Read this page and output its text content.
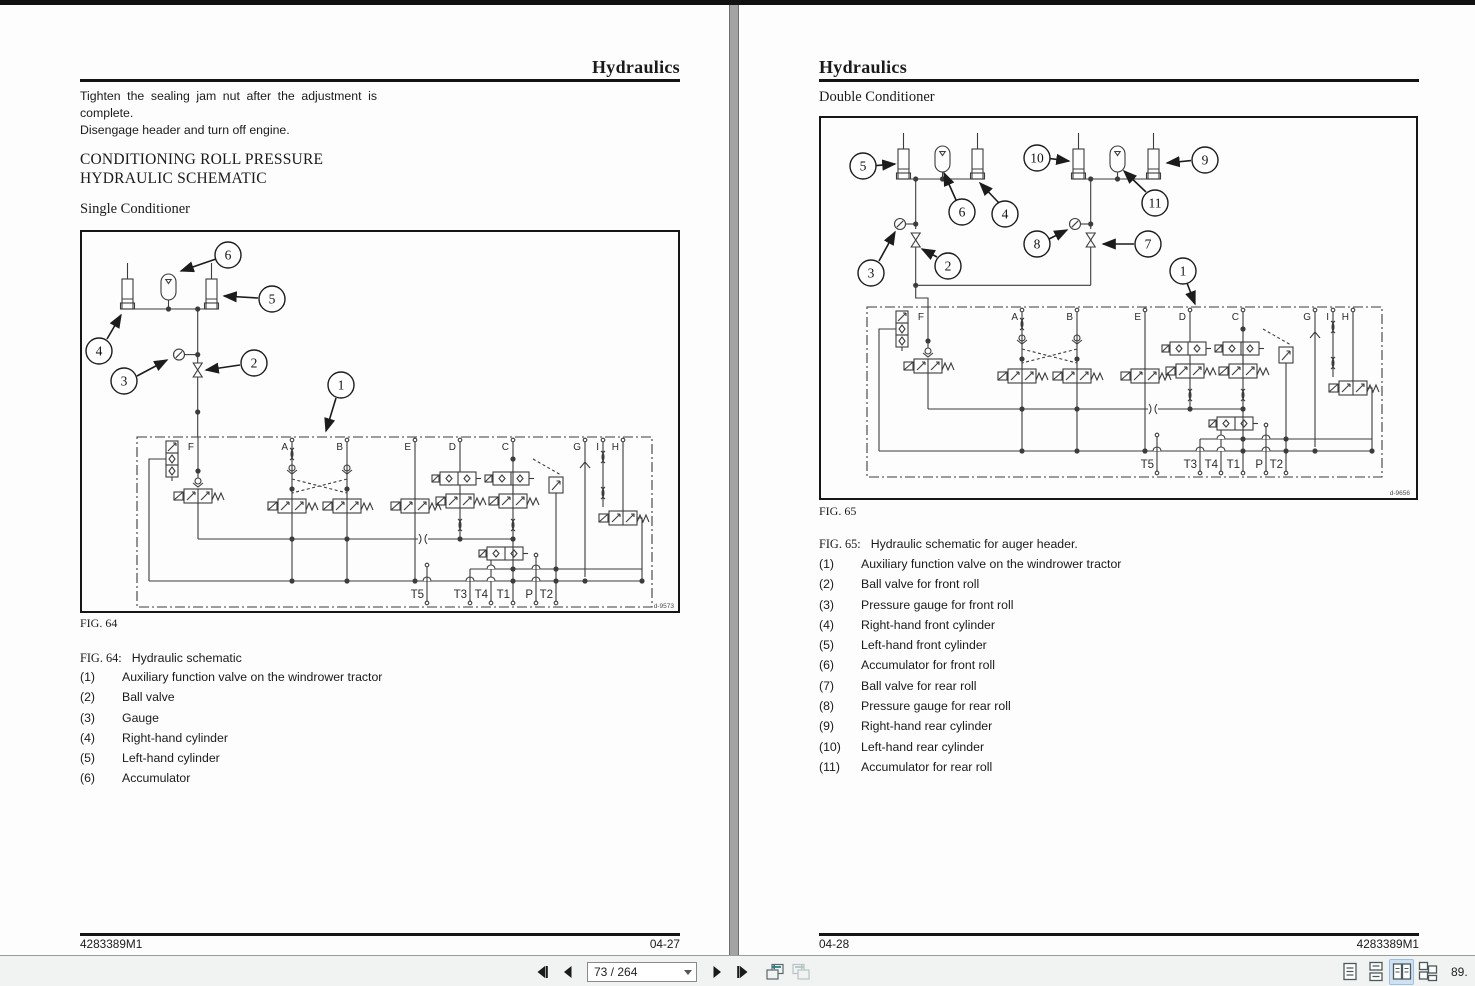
Hydraulics
Tighten the sealing jam nut after the adjustment is complete.
Disengage header and turn off engine.
CONDITIONING ROLL PRESSURE
HYDRAULIC SCHEMATIC
Single Conditioner
1
2
3
4
5
6
F	A	B	E	D	C	G I H
T5	T3 T4 T1 P T2
d-9573
FIG. 64
FIG. 64: Hydraulic schematic
(1)	Auxiliary function valve on the windrower tractor
(2)	Ball valve
(3)	Gauge
(4)	Right-hand cylinder
(5)	Left-hand cylinder
(6)	Accumulator
4283389M1	04-27
Hydraulics
Double Conditioner
1
2
3
4
5
6
7
8
9
10
11
F	A	B	E	D	C	G I H
T5	T3 T4 T1 P T2
d-9656
FIG. 65
FIG. 65: Hydraulic schematic for auger header.
(1)	Auxiliary function valve on the windrower tractor
(2)	Ball valve for front roll
(3)	Pressure gauge for front roll
(4)	Right-hand front cylinder
(5)	Left-hand front cylinder
(6)	Accumulator for front roll
(7)	Ball valve for rear roll
(8)	Pressure gauge for rear roll
(9)	Right-hand rear cylinder
(10)	Left-hand rear cylinder
(11)	Accumulator for rear roll
04-28	4283389M1
73 / 264
89.
